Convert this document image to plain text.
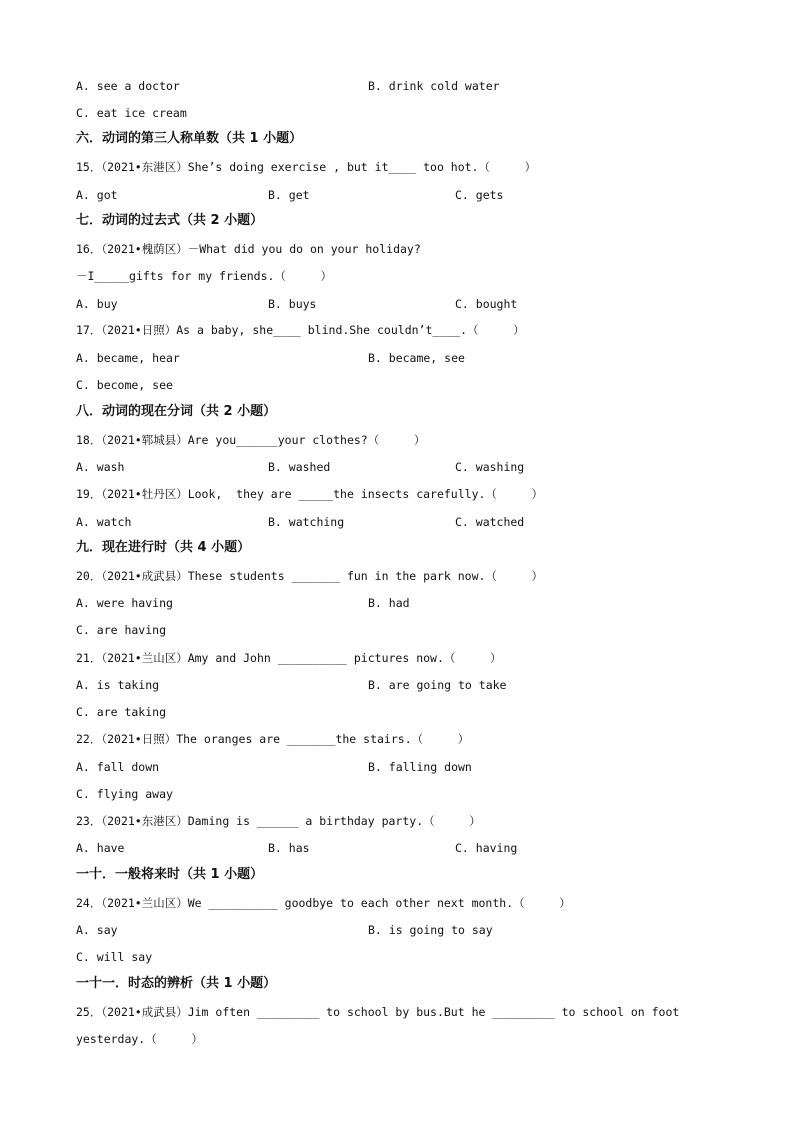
A. see a doctor	B. drink cold water
C. eat ice cream
六．动词的第三人称单数（共 1 小题）
15．（2021•东港区）She’s doing exercise , but it____ too hot.（     ）
A. got	B. get	C. gets
七．动词的过去式（共 2 小题）
16．（2021•槐荫区）－What did you do on your holiday?
－I_____gifts for my friends.（     ）
A. buy	B. buys	C. bought
17．（2021•日照）As a baby, she____ blind.She couldn’t____.（     ）
A. became, hear	B. became, see
C. become, see
八．动词的现在分词（共 2 小题）
18．（2021•郓城县）Are you______your clothes?（     ）
A. wash	B. washed	C. washing
19．（2021•牡丹区）Look,  they are _____the insects carefully.（     ）
A. watch	B. watching	C. watched
九．现在进行时（共 4 小题）
20．（2021•成武县）These students _______ fun in the park now.（     ）
A. were having	B. had
C. are having
21．（2021•兰山区）Amy and John __________ pictures now.（     ）
A. is taking	B. are going to take
C. are taking
22．（2021•日照）The oranges are _______the stairs.（     ）
A. fall down	B. falling down
C. flying away
23．（2021•东港区）Daming is ______ a birthday party.（     ）
A. have	B. has	C. having
一十．一般将来时（共 1 小题）
24．（2021•兰山区）We __________ goodbye to each other next month.（     ）
A. say	B. is going to say
C. will say
一十一．时态的辨析（共 1 小题）
25．（2021•成武县）Jim often _________ to school by bus.But he _________ to school on foot
yesterday.（     ）
